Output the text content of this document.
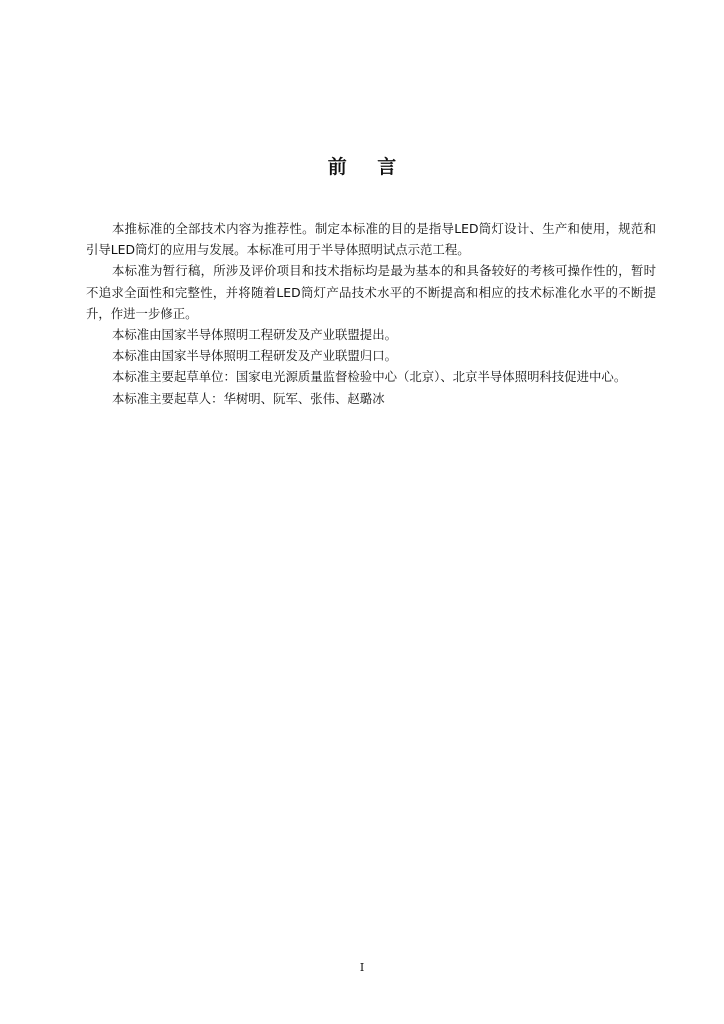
前 言

本推标准的全部技术内容为推荐性。制定本标准的目的是指导LED筒灯设计、生产和使用，规范和引导LED筒灯的应用与发展。本标准可用于半导体照明试点示范工程。

本标准为暂行稿，所涉及评价项目和技术指标均是最为基本的和具备较好的考核可操作性的，暂时不追求全面性和完整性，并将随着LED筒灯产品技术水平的不断提高和相应的技术标准化水平的不断提升，作进一步修正。

本标准由国家半导体照明工程研发及产业联盟提出。

本标准由国家半导体照明工程研发及产业联盟归口。

本标准主要起草单位：国家电光源质量监督检验中心（北京）、北京半导体照明科技促进中心。

本标准主要起草人：华树明、阮军、张伟、赵璐冰

I
